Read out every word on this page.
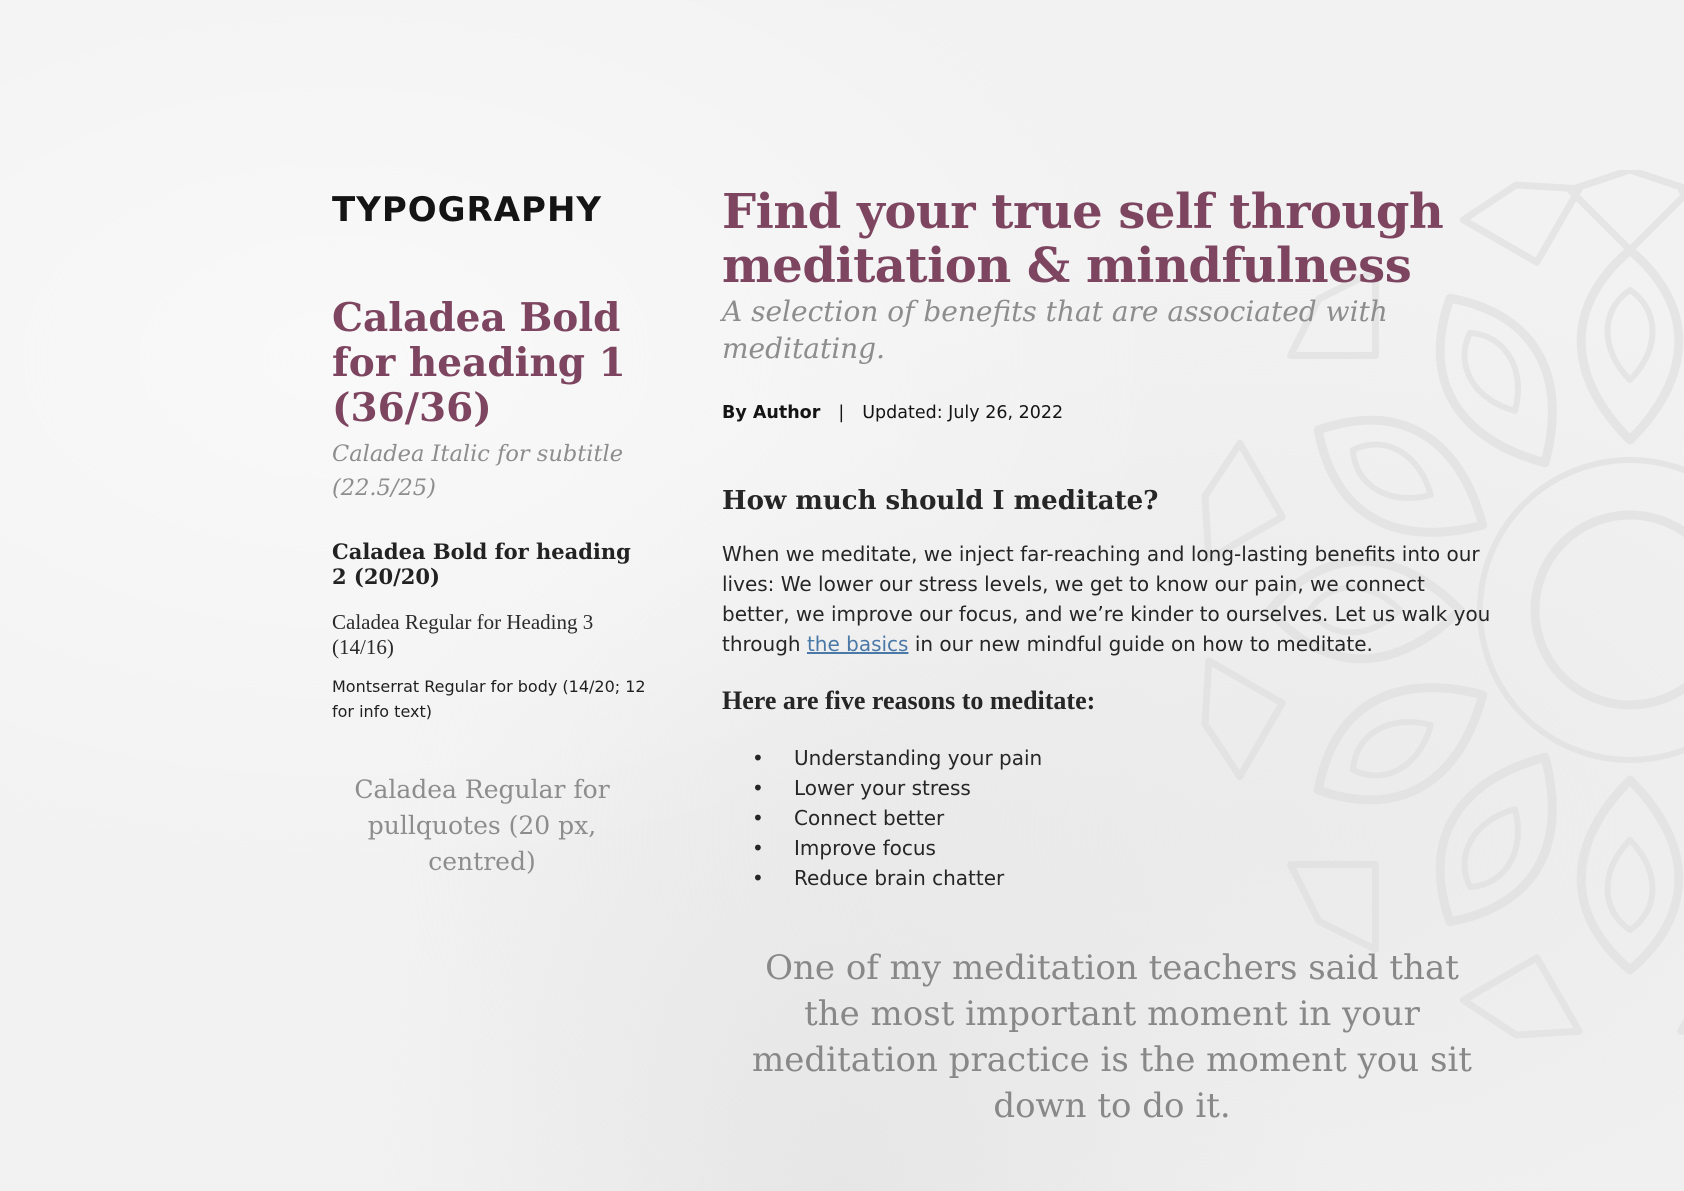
TYPOGRAPHY
Caladea Bold for heading 1 (36/36)
Caladea Italic for subtitle (22.5/25)
Caladea Bold for heading 2 (20/20)
Caladea Regular for Heading 3 (14/16)
Montserrat Regular for body (14/20; 12 for info text)
Caladea Regular for pullquotes (20 px, centred)
Find your true self through meditation & mindfulness
A selection of benefits that are associated with meditating.
By Author | Updated: July 26, 2022
How much should I meditate?

When we meditate, we inject far-reaching and long-lasting benefits into our lives: We lower our stress levels, we get to know our pain, we connect better, we improve our focus, and we’re kinder to ourselves. Let us walk you through the basics in our new mindful guide on how to meditate.

Here are five reasons to meditate:
•	Understanding your pain
•	Lower your stress
•	Connect better
•	Improve focus
•	Reduce brain chatter
One of my meditation teachers said that the most important moment in your meditation practice is the moment you sit down to do it.
